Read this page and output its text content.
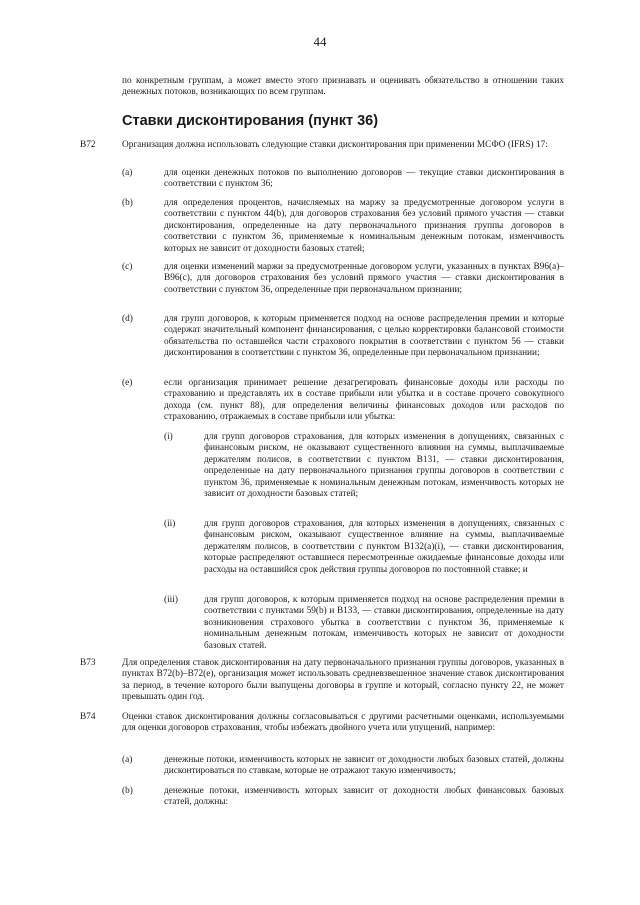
44

по конкретным группам, а может вместо этого признавать и оценивать обязательство в отношении таких денежных потоков, возникающих по всем группам.

Ставки дисконтирования (пункт 36)
B72	Организация должна использовать следующие ставки дисконтирования при применении МСФО (IFRS) 17:

(a)	для оценки денежных потоков по выполнению договоров — текущие ставки дисконтирования в соответствии с пунктом 36;

(b)	для определения процентов, начисляемых на маржу за предусмотренные договором услуги в соответствии с пунктом 44(b), для договоров страхования без условий прямого участия — ставки дисконтирования, определенные на дату первоначального признания группы договоров в соответствии с пунктом 36, применяемые к номинальным денежным потокам, изменчивость которых не зависит от доходности базовых статей;

(c)	для оценки изменений маржи за предусмотренные договором услуги, указанных в пунктах B96(a)–B96(c), для договоров страхования без условий прямого участия — ставки дисконтирования в соответствии с пунктом 36, определенные при первоначальном признании;

(d)	для групп договоров, к которым применяется подход на основе распределения премии и которые содержат значительный компонент финансирования, с целью корректировки балансовой стоимости обязательства по оставшейся части страхового покрытия в соответствии с пунктом 56 — ставки дисконтирования в соответствии с пунктом 36, определенные при первоначальном признании;

(e)	если организация принимает решение дезагрегировать финансовые доходы или расходы по страхованию и представлять их в составе прибыли или убытка и в составе прочего совокупного дохода (см. пункт 88), для определения величины финансовых доходов или расходов по страхованию, отражаемых в составе прибыли или убытка:

(i)	для групп договоров страхования, для которых изменения в допущениях, связанных с финансовым риском, не оказывают существенного влияния на суммы, выплачиваемые держателям полисов, в соответствии с пунктом B131, — ставки дисконтирования, определенные на дату первоначального признания группы договоров в соответствии с пунктом 36, применяемые к номинальным денежным потокам, изменчивость которых не зависит от доходности базовых статей;

(ii)	для групп договоров страхования, для которых изменения в допущениях, связанных с финансовым риском, оказывают существенное влияние на суммы, выплачиваемые держателям полисов, в соответствии с пунктом B132(a)(i), — ставки дисконтирования, которые распределяют оставшиеся пересмотренные ожидаемые финансовые доходы или расходы на оставшийся срок действия группы договоров по постоянной ставке; и

(iii)	для групп договоров, к которым применяется подход на основе распределения премии в соответствии с пунктами 59(b) и B133, — ставки дисконтирования, определенные на дату возникновения страхового убытка в соответствии с пунктом 36, применяемые к номинальным денежным потокам, изменчивость которых не зависит от доходности базовых статей.

B73	Для определения ставок дисконтирования на дату первоначального признания группы договоров, указанных в пунктах B72(b)–B72(e), организация может использовать средневзвешенное значение ставок дисконтирования за период, в течение которого были выпущены договоры в группе и который, согласно пункту 22, не может превышать один год.

B74	Оценки ставок дисконтирования должны согласовываться с другими расчетными оценками, используемыми для оценки договоров страхования, чтобы избежать двойного учета или упущений, например:

(a)	денежные потоки, изменчивость которых не зависит от доходности любых базовых статей, должны дисконтироваться по ставкам, которые не отражают такую изменчивость;

(b)	денежные потоки, изменчивость которых зависит от доходности любых финансовых базовых статей, должны:
